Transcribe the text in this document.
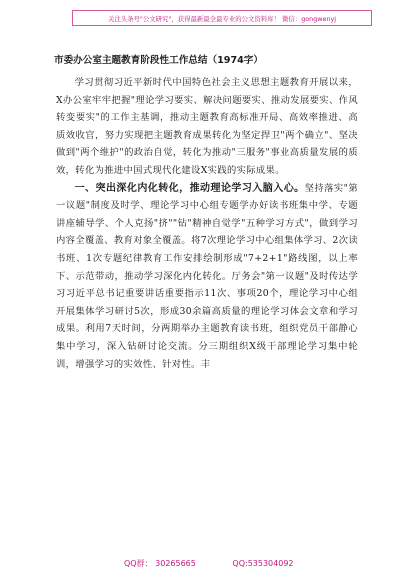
关注头条号"公文研究"，获得最新最全最专业的公文资料库！ 微信：gongwenyj
市委办公室主题教育阶段性工作总结（1974字）

学习贯彻习近平新时代中国特色社会主义思想主题教育开展以来，X办公室牢牢把握"理论学习要实、解决问题要实、推动发展要实、作风转变要实"的工作主基调，推动主题教育高标准开局、高效率推进、高质效收官，努力实现把主题教育成果转化为坚定捍卫"两个确立"、坚决做到"两个维护"的政治自觉，转化为推动"三服务"事业高质量发展的质效，转化为推进中国式现代化建设X实践的实际成果。

一、突出深化内化转化，推动理论学习入脑入心。坚持落实"第一议题"制度及时学、理论学习中心组专题学办好读书班集中学、专题讲座辅导学、个人克扬"挤""钻"精神自觉学"五种学习方式"，做到学习内容全覆盖、教育对象全覆盖。将7次理论学习中心组集体学习、2次读书班、1次专题纪律教育工作安排绘制形成"7+2+1"路线图，以上率下、示范带动，推动学习深化内化转化。厅务会"第一议题"及时传达学习习近平总书记重要讲话重要指示11次、事项20个，理论学习中心组开展集体学习研讨5次，形成30余篇高质量的理论学习体会文章和学习成果。利用7天时间，分两期举办主题教育读书班，组织党员干部静心集中学习，深入钻研讨论交流。分三期组织X级干部理论学习集中轮训，增强学习的实效性、针对性。丰

QQ群： 30265665	QQ:535304092
